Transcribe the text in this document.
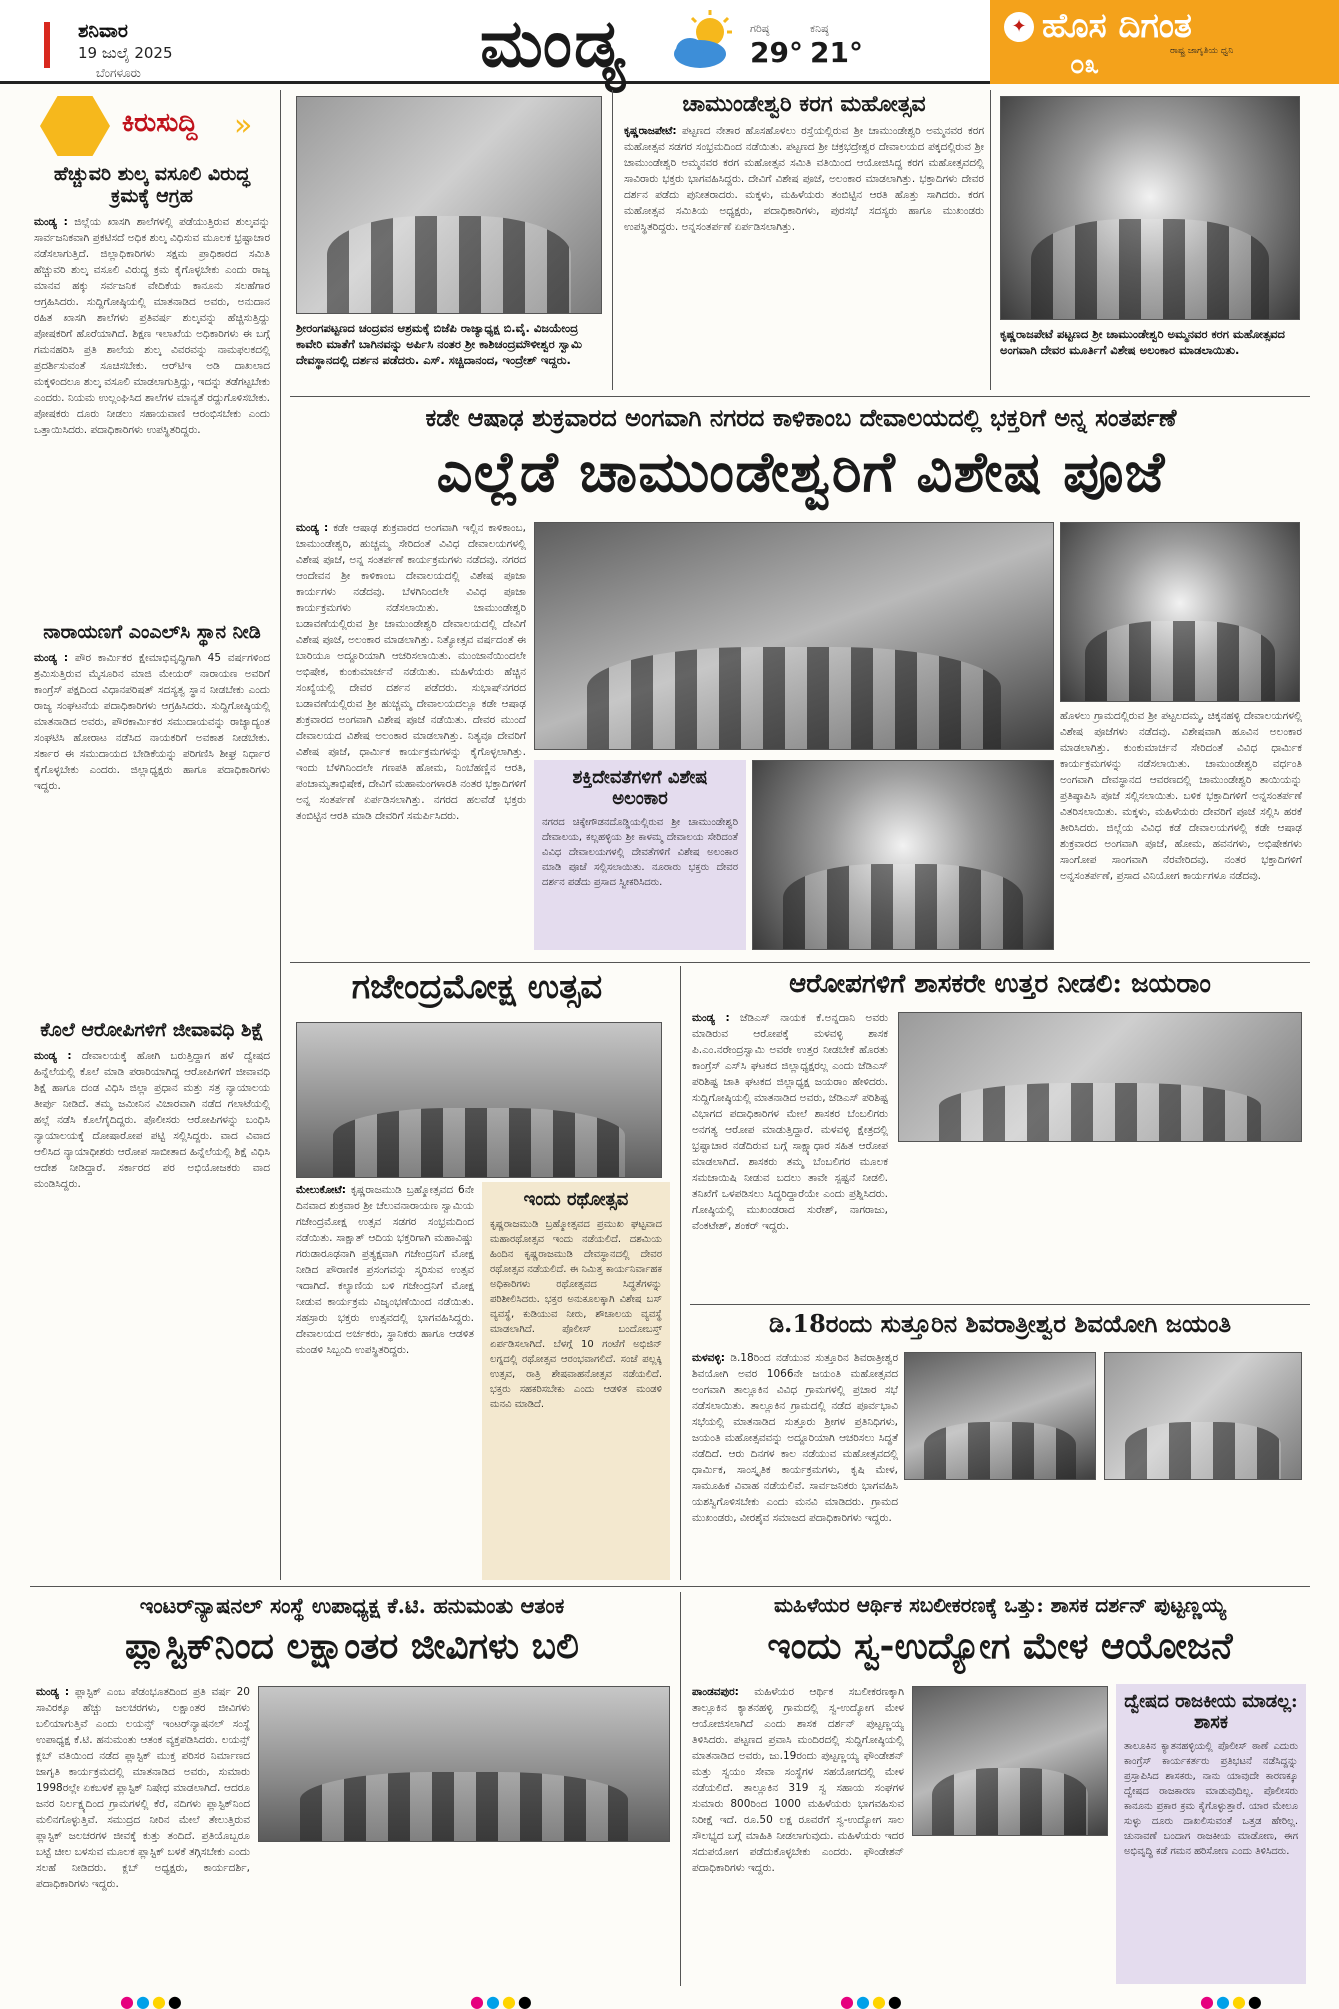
ಶನಿವಾರ
19 ಜುಲೈ 2025
ಬೆಂಗಳೂರು	ಮಂಡ್ಯ	ಗರಿಷ್ಠ
29°
ಕನಿಷ್ಠ
21°
✦ ಹೊಸ ದಿಗಂತ
ರಾಷ್ಟ್ರ ಜಾಗೃತಿಯ ಧ್ವನಿ
೦೩
ಕಿರುಸುದ್ದಿ »
ಹೆಚ್ಚುವರಿ ಶುಲ್ಕ ವಸೂಲಿ ವಿರುದ್ಧ ಕ್ರಮಕ್ಕೆ ಆಗ್ರಹ
ಮಂಡ್ಯ : ಜಿಲ್ಲೆಯ ಖಾಸಗಿ ಶಾಲೆಗಳಲ್ಲಿ ಪಡೆಯುತ್ತಿರುವ ಶುಲ್ಕವನ್ನು ಸಾರ್ವಜನಿಕವಾಗಿ ಪ್ರಕಟಿಸದೆ ಅಧಿಕ ಶುಲ್ಕ ವಿಧಿಸುವ ಮೂಲಕ ಭ್ರಷ್ಟಾಚಾರ ನಡೆಸಲಾಗುತ್ತಿದೆ. ಜಿಲ್ಲಾಧಿಕಾರಿಗಳು ಸಕ್ಷಮ ಪ್ರಾಧಿಕಾರದ ಸಮಿತಿ ಹೆಚ್ಚುವರಿ ಶುಲ್ಕ ವಸೂಲಿ ವಿರುದ್ಧ ಕ್ರಮ ಕೈಗೊಳ್ಳಬೇಕು ಎಂದು ರಾಜ್ಯ ಮಾನವ ಹಕ್ಕು ಸರ್ವಜನಿಕ ವೇದಿಕೆಯ ಕಾನೂನು ಸಲಹೆಗಾರ ಆಗ್ರಹಿಸಿದರು. ಸುದ್ದಿಗೋಷ್ಠಿಯಲ್ಲಿ ಮಾತನಾಡಿದ ಅವರು, ಅನುದಾನ ರಹಿತ ಖಾಸಗಿ ಶಾಲೆಗಳು ಪ್ರತಿವರ್ಷ ಶುಲ್ಕವನ್ನು ಹೆಚ್ಚಿಸುತ್ತಿದ್ದು ಪೋಷಕರಿಗೆ ಹೊರೆಯಾಗಿದೆ. ಶಿಕ್ಷಣ ಇಲಾಖೆಯ ಅಧಿಕಾರಿಗಳು ಈ ಬಗ್ಗೆ ಗಮನಹರಿಸಿ ಪ್ರತಿ ಶಾಲೆಯ ಶುಲ್ಕ ವಿವರವನ್ನು ನಾಮಫಲಕದಲ್ಲಿ ಪ್ರದರ್ಶಿಸುವಂತೆ ಸೂಚಿಸಬೇಕು. ಆರ್‌ಟಿಇ ಅಡಿ ದಾಖಲಾದ ಮಕ್ಕಳಿಂದಲೂ ಶುಲ್ಕ ವಸೂಲಿ ಮಾಡಲಾಗುತ್ತಿದ್ದು, ಇದನ್ನು ತಡೆಗಟ್ಟಬೇಕು ಎಂದರು. ನಿಯಮ ಉಲ್ಲಂಘಿಸಿದ ಶಾಲೆಗಳ ಮಾನ್ಯತೆ ರದ್ದುಗೊಳಿಸಬೇಕು. ಪೋಷಕರು ದೂರು ನೀಡಲು ಸಹಾಯವಾಣಿ ಆರಂಭಿಸಬೇಕು ಎಂದು ಒತ್ತಾಯಿಸಿದರು. ಪದಾಧಿಕಾರಿಗಳು ಉಪಸ್ಥಿತರಿದ್ದರು.
ನಾರಾಯಣಗೆ ಎಂಎಲ್‌ಸಿ ಸ್ಥಾನ ನೀಡಿ
ಮಂಡ್ಯ : ಪೌರ ಕಾರ್ಮಿಕರ ಕ್ಷೇಮಾಭಿವೃದ್ಧಿಗಾಗಿ 45 ವರ್ಷಗಳಿಂದ ಶ್ರಮಿಸುತ್ತಿರುವ ಮೈಸೂರಿನ ಮಾಜಿ ಮೇಯರ್ ನಾರಾಯಣ ಅವರಿಗೆ ಕಾಂಗ್ರೆಸ್ ಪಕ್ಷದಿಂದ ವಿಧಾನಪರಿಷತ್ ಸದಸ್ಯತ್ವ ಸ್ಥಾನ ನೀಡಬೇಕು ಎಂದು ರಾಜ್ಯ ಸಂಘಟನೆಯ ಪದಾಧಿಕಾರಿಗಳು ಆಗ್ರಹಿಸಿದರು. ಸುದ್ದಿಗೋಷ್ಠಿಯಲ್ಲಿ ಮಾತನಾಡಿದ ಅವರು, ಪೌರಕಾರ್ಮಿಕರ ಸಮುದಾಯವನ್ನು ರಾಜ್ಯಾದ್ಯಂತ ಸಂಘಟಿಸಿ ಹೋರಾಟ ನಡೆಸಿದ ನಾಯಕರಿಗೆ ಅವಕಾಶ ನೀಡಬೇಕು. ಸರ್ಕಾರ ಈ ಸಮುದಾಯದ ಬೇಡಿಕೆಯನ್ನು ಪರಿಗಣಿಸಿ ಶೀಘ್ರ ನಿರ್ಧಾರ ಕೈಗೊಳ್ಳಬೇಕು ಎಂದರು. ಜಿಲ್ಲಾಧ್ಯಕ್ಷರು ಹಾಗೂ ಪದಾಧಿಕಾರಿಗಳು ಇದ್ದರು.
ಕೊಲೆ ಆರೋಪಿಗಳಿಗೆ ಜೀವಾವಧಿ ಶಿಕ್ಷೆ
ಮಂಡ್ಯ : ದೇವಾಲಯಕ್ಕೆ ಹೋಗಿ ಬರುತ್ತಿದ್ದಾಗ ಹಳೆ ದ್ವೇಷದ ಹಿನ್ನೆಲೆಯಲ್ಲಿ ಕೊಲೆ ಮಾಡಿ ಪರಾರಿಯಾಗಿದ್ದ ಆರೋಪಿಗಳಿಗೆ ಜೀವಾವಧಿ ಶಿಕ್ಷೆ ಹಾಗೂ ದಂಡ ವಿಧಿಸಿ ಜಿಲ್ಲಾ ಪ್ರಧಾನ ಮತ್ತು ಸತ್ರ ನ್ಯಾಯಾಲಯ ತೀರ್ಪು ನೀಡಿದೆ. ತಮ್ಮ ಜಮೀನಿನ ವಿಚಾರವಾಗಿ ನಡೆದ ಗಲಾಟೆಯಲ್ಲಿ ಹಲ್ಲೆ ನಡೆಸಿ ಕೊಲೆಗೈದಿದ್ದರು. ಪೊಲೀಸರು ಆರೋಪಿಗಳನ್ನು ಬಂಧಿಸಿ ನ್ಯಾಯಾಲಯಕ್ಕೆ ದೋಷಾರೋಪ ಪಟ್ಟಿ ಸಲ್ಲಿಸಿದ್ದರು. ವಾದ ವಿವಾದ ಆಲಿಸಿದ ನ್ಯಾಯಾಧೀಶರು ಆರೋಪ ಸಾಬೀತಾದ ಹಿನ್ನೆಲೆಯಲ್ಲಿ ಶಿಕ್ಷೆ ವಿಧಿಸಿ ಆದೇಶ ನೀಡಿದ್ದಾರೆ. ಸರ್ಕಾರದ ಪರ ಅಭಿಯೋಜಕರು ವಾದ ಮಂಡಿಸಿದ್ದರು.
ಶ್ರೀರಂಗಪಟ್ಟಣದ ಚಂದ್ರವನ ಆಶ್ರಮಕ್ಕೆ ಬಿಜೆಪಿ ರಾಜ್ಯಾಧ್ಯಕ್ಷ ಬಿ.ವೈ. ವಿಜಯೇಂದ್ರ ಕಾವೇರಿ ಮಾತೆಗೆ ಬಾಗಿನವನ್ನು ಅರ್ಪಿಸಿ ನಂತರ ಶ್ರೀ ಕಾಶಿಚಂದ್ರಮೌಳೀಶ್ವರ ಸ್ವಾಮಿ ದೇವಸ್ಥಾನದಲ್ಲಿ ದರ್ಶನ ಪಡೆದರು. ಎಸ್. ಸಚ್ಚಿದಾನಂದ, ಇಂದ್ರೇಶ್ ಇದ್ದರು.
ಚಾಮುಂಡೇಶ್ವರಿ ಕರಗ ಮಹೋತ್ಸವ
ಕೃಷ್ಣರಾಜಪೇಟೆ: ಪಟ್ಟಣದ ನೇತಾರ ಹೊಸಹೊಳಲು ರಸ್ತೆಯಲ್ಲಿರುವ ಶ್ರೀ ಚಾಮುಂಡೇಶ್ವರಿ ಅಮ್ಮನವರ ಕರಗ ಮಹೋತ್ಸವ ಸಡಗರ ಸಂಭ್ರಮದಿಂದ ನಡೆಯಿತು. ಪಟ್ಟಣದ ಶ್ರೀ ಚಕ್ರಭದ್ರೇಶ್ವರ ದೇವಾಲಯದ ಪಕ್ಕದಲ್ಲಿರುವ ಶ್ರೀ ಚಾಮುಂಡೇಶ್ವರಿ ಅಮ್ಮನವರ ಕರಗ ಮಹೋತ್ಸವ ಸಮಿತಿ ವತಿಯಿಂದ ಆಯೋಜಿಸಿದ್ದ ಕರಗ ಮಹೋತ್ಸವದಲ್ಲಿ ಸಾವಿರಾರು ಭಕ್ತರು ಭಾಗವಹಿಸಿದ್ದರು. ದೇವಿಗೆ ವಿಶೇಷ ಪೂಜೆ, ಅಲಂಕಾರ ಮಾಡಲಾಗಿತ್ತು. ಭಕ್ತಾದಿಗಳು ದೇವರ ದರ್ಶನ ಪಡೆದು ಪುನೀತರಾದರು. ಮಕ್ಕಳು, ಮಹಿಳೆಯರು ತಂಬಿಟ್ಟಿನ ಆರತಿ ಹೊತ್ತು ಸಾಗಿದರು. ಕರಗ ಮಹೋತ್ಸವ ಸಮಿತಿಯ ಅಧ್ಯಕ್ಷರು, ಪದಾಧಿಕಾರಿಗಳು, ಪುರಸಭೆ ಸದಸ್ಯರು ಹಾಗೂ ಮುಖಂಡರು ಉಪಸ್ಥಿತರಿದ್ದರು. ಅನ್ನಸಂತರ್ಪಣೆ ಏರ್ಪಡಿಸಲಾಗಿತ್ತು.
ಕೃಷ್ಣರಾಜಪೇಟೆ ಪಟ್ಟಣದ ಶ್ರೀ ಚಾಮುಂಡೇಶ್ವರಿ ಅಮ್ಮನವರ ಕರಗ ಮಹೋತ್ಸವದ ಅಂಗವಾಗಿ ದೇವರ ಮೂರ್ತಿಗೆ ವಿಶೇಷ ಅಲಂಕಾರ ಮಾಡಲಾಯಿತು.
ಕಡೇ ಆಷಾಢ ಶುಕ್ರವಾರದ ಅಂಗವಾಗಿ ನಗರದ ಕಾಳಿಕಾಂಬ ದೇವಾಲಯದಲ್ಲಿ ಭಕ್ತರಿಗೆ ಅನ್ನ ಸಂತರ್ಪಣೆ
ಎಲ್ಲೆಡೆ ಚಾಮುಂಡೇಶ್ವರಿಗೆ ವಿಶೇಷ ಪೂಜೆ
ಮಂಡ್ಯ : ಕಡೇ ಆಷಾಢ ಶುಕ್ರವಾರದ ಅಂಗವಾಗಿ ಇಲ್ಲಿನ ಕಾಳಿಕಾಂಬ, ಚಾಮುಂಡೇಶ್ವರಿ, ಹುಚ್ಚಮ್ಮ ಸೇರಿದಂತೆ ವಿವಿಧ ದೇವಾಲಯಗಳಲ್ಲಿ ವಿಶೇಷ ಪೂಜೆ, ಅನ್ನ ಸಂತರ್ಪಣೆ ಕಾರ್ಯಕ್ರಮಗಳು ನಡೆದವು. ನಗರದ ಆಂದೇವನ ಶ್ರೀ ಕಾಳಿಕಾಂಬ ದೇವಾಲಯದಲ್ಲಿ ವಿಶೇಷ ಪೂಜಾ ಕಾರ್ಯಗಳು ನಡೆದವು. ಬೆಳಗಿನಿಂದಲೇ ವಿವಿಧ ಪೂಜಾ ಕಾರ್ಯಕ್ರಮಗಳು ನಡೆಸಲಾಯಿತು. ಚಾಮುಂಡೇಶ್ವರಿ ಬಡಾವಣೆಯಲ್ಲಿರುವ ಶ್ರೀ ಚಾಮುಂಡೇಶ್ವರಿ ದೇವಾಲಯದಲ್ಲಿ ದೇವಿಗೆ ವಿಶೇಷ ಪೂಜೆ, ಅಲಂಕಾರ ಮಾಡಲಾಗಿತ್ತು. ನಿತ್ಯೋತ್ಸವ ವರ್ಷದಂತೆ ಈ ಬಾರಿಯೂ ಅದ್ದೂರಿಯಾಗಿ ಆಚರಿಸಲಾಯಿತು. ಮುಂಜಾನೆಯಿಂದಲೇ ಅಭಿಷೇಕ, ಕುಂಕುಮಾರ್ಚನೆ ನಡೆಯಿತು. ಮಹಿಳೆಯರು ಹೆಚ್ಚಿನ ಸಂಖ್ಯೆಯಲ್ಲಿ ದೇವರ ದರ್ಶನ ಪಡೆದರು. ಸುಭಾಷ್‌ನಗರದ ಬಡಾವಣೆಯಲ್ಲಿರುವ ಶ್ರೀ ಹುಚ್ಚಮ್ಮ ದೇವಾಲಯದಲ್ಲೂ ಕಡೇ ಆಷಾಢ ಶುಕ್ರವಾರದ ಅಂಗವಾಗಿ ವಿಶೇಷ ಪೂಜೆ ನಡೆಯಿತು. ದೇವರ ಮುಂದೆ ದೇವಾಲಯದ ವಿಶೇಷ ಅಲಂಕಾರ ಮಾಡಲಾಗಿತ್ತು. ನಿತ್ಯವೂ ದೇವರಿಗೆ ವಿಶೇಷ ಪೂಜೆ, ಧಾರ್ಮಿಕ ಕಾರ್ಯಕ್ರಮಗಳನ್ನು ಕೈಗೊಳ್ಳಲಾಗಿತ್ತು. ಇಂದು ಬೆಳಗಿನಿಂದಲೇ ಗಣಪತಿ ಹೋಮ, ನಿಂಬೆಹಣ್ಣಿನ ಆರತಿ, ಪಂಚಾಮೃತಾಭಿಷೇಕ, ದೇವಿಗೆ ಮಹಾಮಂಗಳಾರತಿ ನಂತರ ಭಕ್ತಾದಿಗಳಿಗೆ ಅನ್ನ ಸಂತರ್ಪಣೆ ಏರ್ಪಡಿಸಲಾಗಿತ್ತು. ನಗರದ ಹಲವೆಡೆ ಭಕ್ತರು ತಂಬಿಟ್ಟಿನ ಆರತಿ ಮಾಡಿ ದೇವರಿಗೆ ಸಮರ್ಪಿಸಿದರು.
ಶಕ್ತಿದೇವತೆಗಳಿಗೆ ವಿಶೇಷ ಅಲಂಕಾರ
ನಗರದ ಚಿಕ್ಕೇಗೌಡನದೊಡ್ಡಿಯಲ್ಲಿರುವ ಶ್ರೀ ಚಾಮುಂಡೇಶ್ವರಿ ದೇವಾಲಯ, ಕಲ್ಲಹಳ್ಳಿಯ ಶ್ರೀ ಕಾಳಮ್ಮ ದೇವಾಲಯ ಸೇರಿದಂತೆ ವಿವಿಧ ದೇವಾಲಯಗಳಲ್ಲಿ ದೇವತೆಗಳಿಗೆ ವಿಶೇಷ ಅಲಂಕಾರ ಮಾಡಿ ಪೂಜೆ ಸಲ್ಲಿಸಲಾಯಿತು. ನೂರಾರು ಭಕ್ತರು ದೇವರ ದರ್ಶನ ಪಡೆದು ಪ್ರಸಾದ ಸ್ವೀಕರಿಸಿದರು.
ಹೊಳಲು ಗ್ರಾಮದಲ್ಲಿರುವ ಶ್ರೀ ಪಟ್ಟಲದಮ್ಮ, ಚಿಕ್ಕನಹಳ್ಳಿ ದೇವಾಲಯಗಳಲ್ಲಿ ವಿಶೇಷ ಪೂಜೆಗಳು ನಡೆದವು. ವಿಶೇಷವಾಗಿ ಹೂವಿನ ಅಲಂಕಾರ ಮಾಡಲಾಗಿತ್ತು. ಕುಂಕುಮಾರ್ಚನೆ ಸೇರಿದಂತೆ ವಿವಿಧ ಧಾರ್ಮಿಕ ಕಾರ್ಯಕ್ರಮಗಳನ್ನು ನಡೆಸಲಾಯಿತು. ಚಾಮುಂಡೇಶ್ವರಿ ವರ್ಧಂತಿ ಅಂಗವಾಗಿ ದೇವಸ್ಥಾನದ ಆವರಣದಲ್ಲಿ ಚಾಮುಂಡೇಶ್ವರಿ ತಾಯಿಯನ್ನು ಪ್ರತಿಷ್ಠಾಪಿಸಿ ಪೂಜೆ ಸಲ್ಲಿಸಲಾಯಿತು. ಬಳಿಕ ಭಕ್ತಾದಿಗಳಿಗೆ ಅನ್ನಸಂತರ್ಪಣೆ ವಿತರಿಸಲಾಯಿತು. ಮಕ್ಕಳು, ಮಹಿಳೆಯರು ದೇವರಿಗೆ ಪೂಜೆ ಸಲ್ಲಿಸಿ ಹರಕೆ ತೀರಿಸಿದರು. ಜಿಲ್ಲೆಯ ವಿವಿಧ ಕಡೆ ದೇವಾಲಯಗಳಲ್ಲಿ ಕಡೇ ಆಷಾಢ ಶುಕ್ರವಾರದ ಅಂಗವಾಗಿ ಪೂಜೆ, ಹೋಮ, ಹವನಗಳು, ಅಭಿಷೇಕಗಳು ಸಾಂಗೋಪ ಸಾಂಗವಾಗಿ ನೆರವೇರಿದವು. ನಂತರ ಭಕ್ತಾದಿಗಳಿಗೆ ಅನ್ನಸಂತರ್ಪಣೆ, ಪ್ರಸಾದ ವಿನಿಯೋಗ ಕಾರ್ಯಗಳೂ ನಡೆದವು.
ಗಜೇಂದ್ರಮೋಕ್ಷ ಉತ್ಸವ
ಮೇಲುಕೋಟೆ: ಕೃಷ್ಣರಾಜಮುಡಿ ಬ್ರಹ್ಮೋತ್ಸವದ 6ನೇ ದಿನವಾದ ಶುಕ್ರವಾರ ಶ್ರೀ ಚೆಲುವನಾರಾಯಣ ಸ್ವಾಮಿಯ ಗಜೇಂದ್ರಮೋಕ್ಷ ಉತ್ಸವ ಸಡಗರ ಸಂಭ್ರಮದಿಂದ ನಡೆಯಿತು. ಸಾಕ್ಷಾತ್ ಆದಿಯ ಭಕ್ತರಿಗಾಗಿ ಮಹಾವಿಷ್ಣು ಗರುಡಾರೂಢನಾಗಿ ಪ್ರತ್ಯಕ್ಷವಾಗಿ ಗಜೇಂದ್ರನಿಗೆ ಮೋಕ್ಷ ನೀಡಿದ ಪೌರಾಣಿಕ ಪ್ರಸಂಗವನ್ನು ಸ್ಮರಿಸುವ ಉತ್ಸವ ಇದಾಗಿದೆ. ಕಲ್ಯಾಣಿಯ ಬಳಿ ಗಜೇಂದ್ರನಿಗೆ ಮೋಕ್ಷ ನೀಡುವ ಕಾರ್ಯಕ್ರಮ ವಿಜೃಂಭಣೆಯಿಂದ ನಡೆಯಿತು. ಸಹಸ್ರಾರು ಭಕ್ತರು ಉತ್ಸವದಲ್ಲಿ ಭಾಗವಹಿಸಿದ್ದರು. ದೇವಾಲಯದ ಅರ್ಚಕರು, ಸ್ಥಾನಿಕರು ಹಾಗೂ ಆಡಳಿತ ಮಂಡಳಿ ಸಿಬ್ಬಂದಿ ಉಪಸ್ಥಿತರಿದ್ದರು.
ಇಂದು ರಥೋತ್ಸವ
ಕೃಷ್ಣರಾಜಮುಡಿ ಬ್ರಹ್ಮೋತ್ಸವದ ಪ್ರಮುಖ ಘಟ್ಟವಾದ ಮಹಾರಥೋತ್ಸವ ಇಂದು ನಡೆಯಲಿದೆ. ದಶಮಿಯ ಹಿಂದಿನ ಕೃಷ್ಣರಾಜಮುಡಿ ದೇವಸ್ಥಾನದಲ್ಲಿ ದೇವರ ರಥೋತ್ಸವ ನಡೆಯಲಿದೆ. ಈ ನಿಮಿತ್ತ ಕಾರ್ಯನಿರ್ವಾಹಕ ಅಧಿಕಾರಿಗಳು ರಥೋತ್ಸವದ ಸಿದ್ಧತೆಗಳನ್ನು ಪರಿಶೀಲಿಸಿದರು. ಭಕ್ತರ ಅನುಕೂಲಕ್ಕಾಗಿ ವಿಶೇಷ ಬಸ್ ವ್ಯವಸ್ಥೆ, ಕುಡಿಯುವ ನೀರು, ಶೌಚಾಲಯ ವ್ಯವಸ್ಥೆ ಮಾಡಲಾಗಿದೆ. ಪೊಲೀಸ್ ಬಂದೋಬಸ್ತ್ ಏರ್ಪಡಿಸಲಾಗಿದೆ. ಬೆಳಗ್ಗೆ 10 ಗಂಟೆಗೆ ಅಭಿಜಿನ್ ಲಗ್ನದಲ್ಲಿ ರಥೋತ್ಸವ ಆರಂಭವಾಗಲಿದೆ. ಸಂಜೆ ಪಲ್ಲಕ್ಕಿ ಉತ್ಸವ, ರಾತ್ರಿ ಶೇಷವಾಹನೋತ್ಸವ ನಡೆಯಲಿದೆ. ಭಕ್ತರು ಸಹಕರಿಸಬೇಕು ಎಂದು ಆಡಳಿತ ಮಂಡಳಿ ಮನವಿ ಮಾಡಿದೆ.
ಆರೋಪಗಳಿಗೆ ಶಾಸಕರೇ ಉತ್ತರ ನೀಡಲಿ: ಜಯರಾಂ
ಮಂಡ್ಯ : ಜೆಡಿಎಸ್ ನಾಯಕ ಕೆ.ಅನ್ನದಾನಿ ಅವರು ಮಾಡಿರುವ ಆರೋಪಕ್ಕೆ ಮಳವಳ್ಳಿ ಶಾಸಕ ಪಿ.ಎಂ.ನರೇಂದ್ರಸ್ವಾಮಿ ಅವರೇ ಉತ್ತರ ನೀಡಬೇಕೆ ಹೊರತು ಕಾಂಗ್ರೆಸ್ ಎಸ್‌ಸಿ ಘಟಕದ ಜಿಲ್ಲಾಧ್ಯಕ್ಷರಲ್ಲ ಎಂದು ಜೆಡಿಎಸ್ ಪರಿಶಿಷ್ಟ ಜಾತಿ ಘಟಕದ ಜಿಲ್ಲಾಧ್ಯಕ್ಷ ಜಯರಾಂ ಹೇಳಿದರು. ಸುದ್ದಿಗೋಷ್ಠಿಯಲ್ಲಿ ಮಾತನಾಡಿದ ಅವರು, ಜೆಡಿಎಸ್ ಪರಿಶಿಷ್ಟ ವಿಭಾಗದ ಪದಾಧಿಕಾರಿಗಳ ಮೇಲೆ ಶಾಸಕರ ಬೆಂಬಲಿಗರು ಅನಗತ್ಯ ಆರೋಪ ಮಾಡುತ್ತಿದ್ದಾರೆ. ಮಳವಳ್ಳಿ ಕ್ಷೇತ್ರದಲ್ಲಿ ಭ್ರಷ್ಟಾಚಾರ ನಡೆದಿರುವ ಬಗ್ಗೆ ಸಾಕ್ಷ್ಯಾಧಾರ ಸಹಿತ ಆರೋಪ ಮಾಡಲಾಗಿದೆ. ಶಾಸಕರು ತಮ್ಮ ಬೆಂಬಲಿಗರ ಮೂಲಕ ಸಮಜಾಯಿಷಿ ನೀಡುವ ಬದಲು ತಾವೇ ಸ್ಪಷ್ಟನೆ ನೀಡಲಿ. ತನಿಖೆಗೆ ಒಳಪಡಿಸಲು ಸಿದ್ಧರಿದ್ದಾರೆಯೇ ಎಂದು ಪ್ರಶ್ನಿಸಿದರು. ಗೋಷ್ಠಿಯಲ್ಲಿ ಮುಖಂಡರಾದ ಸುರೇಶ್, ನಾಗರಾಜು, ವೆಂಕಟೇಶ್, ಶಂಕರ್ ಇದ್ದರು.
ಡಿ.18ರಂದು ಸುತ್ತೂರಿನ ಶಿವರಾತ್ರೀಶ್ವರ ಶಿವಯೋಗಿ ಜಯಂತಿ
ಮಳವಳ್ಳಿ: ಡಿ.18ರಿಂದ ನಡೆಯುವ ಸುತ್ತೂರಿನ ಶಿವರಾತ್ರೀಶ್ವರ ಶಿವಯೋಗಿ ಅವರ 1066ನೇ ಜಯಂತಿ ಮಹೋತ್ಸವದ ಅಂಗವಾಗಿ ತಾಲ್ಲೂಕಿನ ವಿವಿಧ ಗ್ರಾಮಗಳಲ್ಲಿ ಪ್ರಚಾರ ಸಭೆ ನಡೆಸಲಾಯಿತು. ತಾಲ್ಲೂಕಿನ ಗ್ರಾಮದಲ್ಲಿ ನಡೆದ ಪೂರ್ವಭಾವಿ ಸಭೆಯಲ್ಲಿ ಮಾತನಾಡಿದ ಸುತ್ತೂರು ಶ್ರೀಗಳ ಪ್ರತಿನಿಧಿಗಳು, ಜಯಂತಿ ಮಹೋತ್ಸವವನ್ನು ಅದ್ದೂರಿಯಾಗಿ ಆಚರಿಸಲು ಸಿದ್ಧತೆ ನಡೆದಿದೆ. ಆರು ದಿನಗಳ ಕಾಲ ನಡೆಯುವ ಮಹೋತ್ಸವದಲ್ಲಿ ಧಾರ್ಮಿಕ, ಸಾಂಸ್ಕೃತಿಕ ಕಾರ್ಯಕ್ರಮಗಳು, ಕೃಷಿ ಮೇಳ, ಸಾಮೂಹಿಕ ವಿವಾಹ ನಡೆಯಲಿವೆ. ಸಾರ್ವಜನಿಕರು ಭಾಗವಹಿಸಿ ಯಶಸ್ವಿಗೊಳಿಸಬೇಕು ಎಂದು ಮನವಿ ಮಾಡಿದರು. ಗ್ರಾಮದ ಮುಖಂಡರು, ವೀರಶೈವ ಸಮಾಜದ ಪದಾಧಿಕಾರಿಗಳು ಇದ್ದರು.
ಇಂಟರ್‌ನ್ಯಾಷನಲ್ ಸಂಸ್ಥೆ ಉಪಾಧ್ಯಕ್ಷ ಕೆ.ಟಿ. ಹನುಮಂತು ಆತಂಕ
ಪ್ಲಾಸ್ಟಿಕ್‌ನಿಂದ ಲಕ್ಷಾಂತರ ಜೀವಿಗಳು ಬಲಿ
ಮಂಡ್ಯ : ಪ್ಲಾಸ್ಟಿಕ್ ಎಂಬ ಪೆಡಂಭೂತದಿಂದ ಪ್ರತಿ ವರ್ಷ 20 ಸಾವಿರಕ್ಕೂ ಹೆಚ್ಚು ಜಲಚರಗಳು, ಲಕ್ಷಾಂತರ ಜೀವಿಗಳು ಬಲಿಯಾಗುತ್ತಿವೆ ಎಂದು ಲಯನ್ಸ್ ಇಂಟರ್‌ನ್ಯಾಷನಲ್ ಸಂಸ್ಥೆ ಉಪಾಧ್ಯಕ್ಷ ಕೆ.ಟಿ. ಹನುಮಂತು ಆತಂಕ ವ್ಯಕ್ತಪಡಿಸಿದರು. ಲಯನ್ಸ್ ಕ್ಲಬ್ ವತಿಯಿಂದ ನಡೆದ ಪ್ಲಾಸ್ಟಿಕ್ ಮುಕ್ತ ಪರಿಸರ ನಿರ್ಮಾಣದ ಜಾಗೃತಿ ಕಾರ್ಯಕ್ರಮದಲ್ಲಿ ಮಾತನಾಡಿದ ಅವರು, ಸುಮಾರು 1998ರಲ್ಲೇ ಏಕಬಳಕೆ ಪ್ಲಾಸ್ಟಿಕ್ ನಿಷೇಧ ಮಾಡಲಾಗಿದೆ. ಆದರೂ ಜನರ ನಿರ್ಲಕ್ಷ್ಯದಿಂದ ಗ್ರಾಮಗಳಲ್ಲಿ ಕೆರೆ, ನದಿಗಳು ಪ್ಲಾಸ್ಟಿಕ್‌ನಿಂದ ಮಲಿನಗೊಳ್ಳುತ್ತಿವೆ. ಸಮುದ್ರದ ನೀರಿನ ಮೇಲೆ ತೇಲುತ್ತಿರುವ ಪ್ಲಾಸ್ಟಿಕ್ ಜಲಚರಗಳ ಜೀವಕ್ಕೆ ಕುತ್ತು ತಂದಿದೆ. ಪ್ರತಿಯೊಬ್ಬರೂ ಬಟ್ಟೆ ಚೀಲ ಬಳಸುವ ಮೂಲಕ ಪ್ಲಾಸ್ಟಿಕ್ ಬಳಕೆ ತಗ್ಗಿಸಬೇಕು ಎಂದು ಸಲಹೆ ನೀಡಿದರು. ಕ್ಲಬ್ ಅಧ್ಯಕ್ಷರು, ಕಾರ್ಯದರ್ಶಿ, ಪದಾಧಿಕಾರಿಗಳು ಇದ್ದರು.
ಮಹಿಳೆಯರ ಆರ್ಥಿಕ ಸಬಲೀಕರಣಕ್ಕೆ ಒತ್ತು: ಶಾಸಕ ದರ್ಶನ್ ಪುಟ್ಟಣ್ಣಯ್ಯ
ಇಂದು ಸ್ವ-ಉದ್ಯೋಗ ಮೇಳ ಆಯೋಜನೆ
ಪಾಂಡವಪುರ: ಮಹಿಳೆಯರ ಆರ್ಥಿಕ ಸಬಲೀಕರಣಕ್ಕಾಗಿ ತಾಲ್ಲೂಕಿನ ಕ್ಯಾತನಹಳ್ಳಿ ಗ್ರಾಮದಲ್ಲಿ ಸ್ವ-ಉದ್ಯೋಗ ಮೇಳ ಆಯೋಜಿಸಲಾಗಿದೆ ಎಂದು ಶಾಸಕ ದರ್ಶನ್ ಪುಟ್ಟಣ್ಣಯ್ಯ ತಿಳಿಸಿದರು. ಪಟ್ಟಣದ ಪ್ರವಾಸಿ ಮಂದಿರದಲ್ಲಿ ಸುದ್ದಿಗೋಷ್ಠಿಯಲ್ಲಿ ಮಾತನಾಡಿದ ಅವರು, ಜು.19ರಂದು ಪುಟ್ಟಣ್ಣಯ್ಯ ಫೌಂಡೇಶನ್ ಮತ್ತು ಸ್ವಯಂ ಸೇವಾ ಸಂಸ್ಥೆಗಳ ಸಹಯೋಗದಲ್ಲಿ ಮೇಳ ನಡೆಯಲಿದೆ. ತಾಲ್ಲೂಕಿನ 319 ಸ್ವ ಸಹಾಯ ಸಂಘಗಳ ಸುಮಾರು 800ರಿಂದ 1000 ಮಹಿಳೆಯರು ಭಾಗವಹಿಸುವ ನಿರೀಕ್ಷೆ ಇದೆ. ರೂ.50 ಲಕ್ಷ ರೂವರೆಗೆ ಸ್ವ-ಉದ್ಯೋಗ ಸಾಲ ಸೌಲಭ್ಯದ ಬಗ್ಗೆ ಮಾಹಿತಿ ನೀಡಲಾಗುವುದು. ಮಹಿಳೆಯರು ಇದರ ಸದುಪಯೋಗ ಪಡೆದುಕೊಳ್ಳಬೇಕು ಎಂದರು. ಫೌಂಡೇಶನ್ ಪದಾಧಿಕಾರಿಗಳು ಇದ್ದರು.
ದ್ವೇಷದ ರಾಜಕೀಯ ಮಾಡಲ್ಲ: ಶಾಸಕ
ತಾಲೂಕಿನ ಕ್ಯಾತನಹಳ್ಳಿಯಲ್ಲಿ ಪೊಲೀಸ್ ಠಾಣೆ ಎದುರು ಕಾಂಗ್ರೆಸ್ ಕಾರ್ಯಕರ್ತರು ಪ್ರತಿಭಟನೆ ನಡೆಸಿದ್ದನ್ನು ಪ್ರಸ್ತಾಪಿಸಿದ ಶಾಸಕರು, ನಾನು ಯಾವುದೇ ಕಾರಣಕ್ಕೂ ದ್ವೇಷದ ರಾಜಕಾರಣ ಮಾಡುವುದಿಲ್ಲ. ಪೊಲೀಸರು ಕಾನೂನು ಪ್ರಕಾರ ಕ್ರಮ ಕೈಗೊಳ್ಳುತ್ತಾರೆ. ಯಾರ ಮೇಲೂ ಸುಳ್ಳು ದೂರು ದಾಖಲಿಸುವಂತೆ ಒತ್ತಡ ಹೇರಿಲ್ಲ. ಚುನಾವಣೆ ಬಂದಾಗ ರಾಜಕೀಯ ಮಾಡೋಣ, ಈಗ ಅಭಿವೃದ್ಧಿ ಕಡೆ ಗಮನ ಹರಿಸೋಣ ಎಂದು ತಿಳಿಸಿದರು.
●●●●	●●●●	●●●●	●●●●
